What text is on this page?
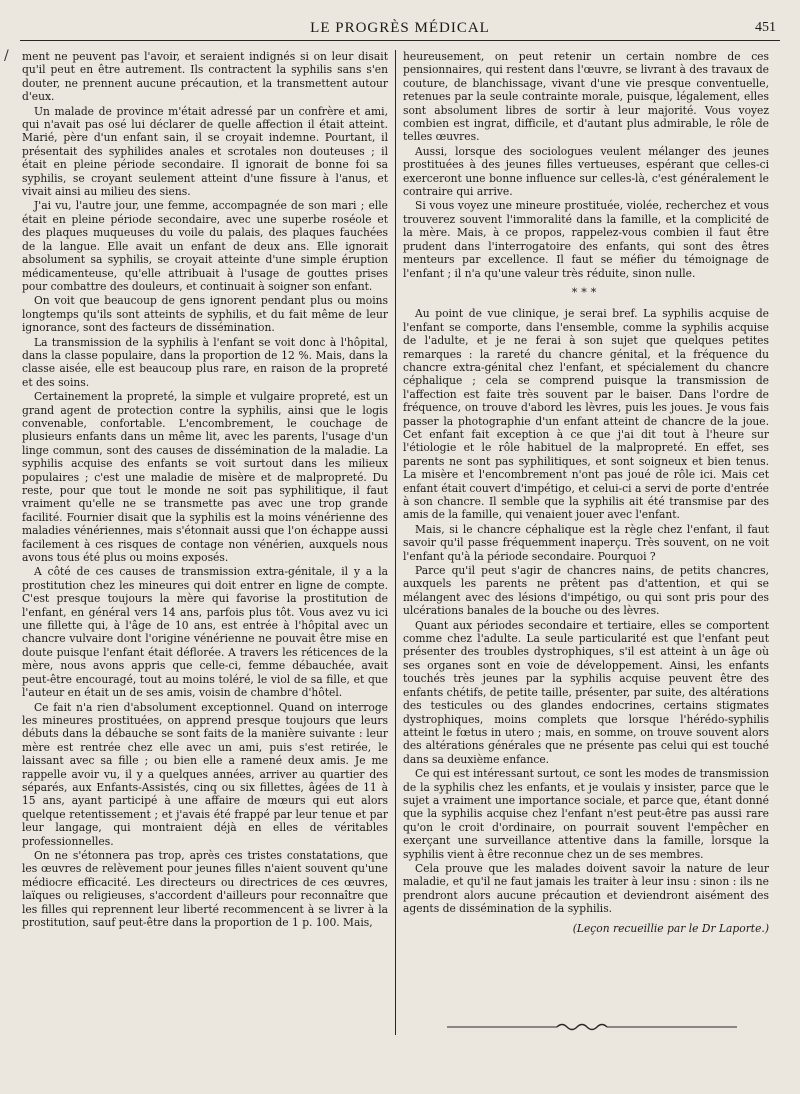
LE PROGRÈS MÉDICAL	451
/ ment ne peuvent pas l'avoir, et seraient indignés si on leur disait qu'il peut en être autrement. Ils contractent la syphilis sans s'en douter, ne prennent aucune précaution, et la transmettent autour d'eux.

Un malade de province m'était adressé par un confrère et ami, qui n'avait pas osé lui déclarer de quelle affection il était atteint. Marié, père d'un enfant sain, il se croyait indemne. Pourtant, il présentait des syphilides anales et scrotales non douteuses ; il était en pleine période secondaire. Il ignorait de bonne foi sa syphilis, se croyant seulement atteint d'une fissure à l'anus, et vivait ainsi au milieu des siens.

J'ai vu, l'autre jour, une femme, accompagnée de son mari ; elle était en pleine période secondaire, avec une superbe roséole et des plaques muqueuses du voile du palais, des plaques fauchées de la langue. Elle avait un enfant de deux ans. Elle ignorait absolument sa syphilis, se croyait atteinte d'une simple éruption médicamenteuse, qu'elle attribuait à l'usage de gouttes prises pour combattre des douleurs, et continuait à soigner son enfant.

On voit que beaucoup de gens ignorent pendant plus ou moins longtemps qu'ils sont atteints de syphilis, et du fait même de leur ignorance, sont des facteurs de dissémination.

La transmission de la syphilis à l'enfant se voit donc à l'hôpital, dans la classe populaire, dans la proportion de 12 %. Mais, dans la classe aisée, elle est beaucoup plus rare, en raison de la propreté et des soins.

Certainement la propreté, la simple et vulgaire propreté, est un grand agent de protection contre la syphilis, ainsi que le logis convenable, confortable. L'encombrement, le couchage de plusieurs enfants dans un même lit, avec les parents, l'usage d'un linge commun, sont des causes de dissémination de la maladie. La syphilis acquise des enfants se voit surtout dans les milieux populaires ; c'est une maladie de misère et de malpropreté. Du reste, pour que tout le monde ne soit pas syphilitique, il faut vraiment qu'elle ne se transmette pas avec une trop grande facilité. Fournier disait que la syphilis est la moins vénérienne des maladies vénériennes, mais s'étonnait aussi que l'on échappe aussi facilement à ces risques de contage non vénérien, auxquels nous avons tous été plus ou moins exposés.

A côté de ces causes de transmission extra-génitale, il y a la prostitution chez les mineures qui doit entrer en ligne de compte. C'est presque toujours la mère qui favorise la prostitution de l'enfant, en général vers 14 ans, parfois plus tôt. Vous avez vu ici une fillette qui, à l'âge de 10 ans, est entrée à l'hôpital avec un chancre vulvaire dont l'origine vénérienne ne pouvait être mise en doute puisque l'enfant était déflorée. A travers les réticences de la mère, nous avons appris que celle-ci, femme débauchée, avait peut-être encouragé, tout au moins toléré, le viol de sa fille, et que l'auteur en était un de ses amis, voisin de chambre d'hôtel.

Ce fait n'a rien d'absolument exceptionnel. Quand on interroge les mineures prostituées, on apprend presque toujours que leurs débuts dans la débauche se sont faits de la manière suivante : leur mère est rentrée chez elle avec un ami, puis s'est retirée, le laissant avec sa fille ; ou bien elle a ramené deux amis. Je me rappelle avoir vu, il y a quelques années, arriver au quartier des séparés, aux Enfants-Assistés, cinq ou six fillettes, âgées de 11 à 15 ans, ayant participé à une affaire de mœurs qui eut alors quelque retentissement ; et j'avais été frappé par leur tenue et par leur langage, qui montraient déjà en elles de véritables professionnelles.

On ne s'étonnera pas trop, après ces tristes constatations, que les œuvres de relèvement pour jeunes filles n'aient souvent qu'une médiocre efficacité. Les directeurs ou directrices de ces œuvres, laïques ou religieuses, s'accordent d'ailleurs pour reconnaître que les filles qui reprennent leur liberté recommencent à se livrer à la prostitution, sauf peut-être dans la proportion de 1 p. 100. Mais,

heureusement, on peut retenir un certain nombre de ces pensionnaires, qui restent dans l'œuvre, se livrant à des travaux de couture, de blanchissage, vivant d'une vie presque conventuelle, retenues par la seule contrainte morale, puisque, légalement, elles sont absolument libres de sortir à leur majorité. Vous voyez combien est ingrat, difficile, et d'autant plus admirable, le rôle de telles œuvres.

Aussi, lorsque des sociologues veulent mélanger des jeunes prostituées à des jeunes filles vertueuses, espérant que celles-ci exerceront une bonne influence sur celles-là, c'est généralement le contraire qui arrive.

Si vous voyez une mineure prostituée, violée, recherchez et vous trouverez souvent l'immoralité dans la famille, et la complicité de la mère. Mais, à ce propos, rappelez-vous combien il faut être prudent dans l'interrogatoire des enfants, qui sont des êtres menteurs par excellence. Il faut se méfier du témoignage de l'enfant ; il n'a qu'une valeur très réduite, sinon nulle.

***

Au point de vue clinique, je serai bref. La syphilis acquise de l'enfant se comporte, dans l'ensemble, comme la syphilis acquise de l'adulte, et je ne ferai à son sujet que quelques petites remarques : la rareté du chancre génital, et la fréquence du chancre extra-génital chez l'enfant, et spécialement du chancre céphalique ; cela se comprend puisque la transmission de l'affection est faite très souvent par le baiser. Dans l'ordre de fréquence, on trouve d'abord les lèvres, puis les joues. Je vous fais passer la photographie d'un enfant atteint de chancre de la joue. Cet enfant fait exception à ce que j'ai dit tout à l'heure sur l'étiologie et le rôle habituel de la malpropreté. En effet, ses parents ne sont pas syphilitiques, et sont soigneux et bien tenus. La misère et l'encombrement n'ont pas joué de rôle ici. Mais cet enfant était couvert d'impétigo, et celui-ci a servi de porte d'entrée à son chancre. Il semble que la syphilis ait été transmise par des amis de la famille, qui venaient jouer avec l'enfant.

Mais, si le chancre céphalique est la règle chez l'enfant, il faut savoir qu'il passe fréquemment inaperçu. Très souvent, on ne voit l'enfant qu'à la période secondaire. Pourquoi ?

Parce qu'il peut s'agir de chancres nains, de petits chancres, auxquels les parents ne prêtent pas d'attention, et qui se mélangent avec des lésions d'impétigo, ou qui sont pris pour des ulcérations banales de la bouche ou des lèvres.

Quant aux périodes secondaire et tertiaire, elles se comportent comme chez l'adulte. La seule particularité est que l'enfant peut présenter des troubles dystrophiques, s'il est atteint à un âge où ses organes sont en voie de développement. Ainsi, les enfants touchés très jeunes par la syphilis acquise peuvent être des enfants chétifs, de petite taille, présenter, par suite, des altérations des testicules ou des glandes endocrines, certains stigmates dystrophiques, moins complets que lorsque l'hérédo-syphilis atteint le fœtus in utero ; mais, en somme, on trouve souvent alors des altérations générales que ne présente pas celui qui est touché dans sa deuxième enfance.

Ce qui est intéressant surtout, ce sont les modes de transmission de la syphilis chez les enfants, et je voulais y insister, parce que le sujet a vraiment une importance sociale, et parce que, étant donné que la syphilis acquise chez l'enfant n'est peut-être pas aussi rare qu'on le croit d'ordinaire, on pourrait souvent l'empêcher en exerçant une surveillance attentive dans la famille, lorsque la syphilis vient à être reconnue chez un de ses membres.

Cela prouve que les malades doivent savoir la nature de leur maladie, et qu'il ne faut jamais les traiter à leur insu : sinon : ils ne prendront alors aucune précaution et deviendront aisément des agents de dissémination de la syphilis.

(Leçon recueillie par le Dr Laporte.)
